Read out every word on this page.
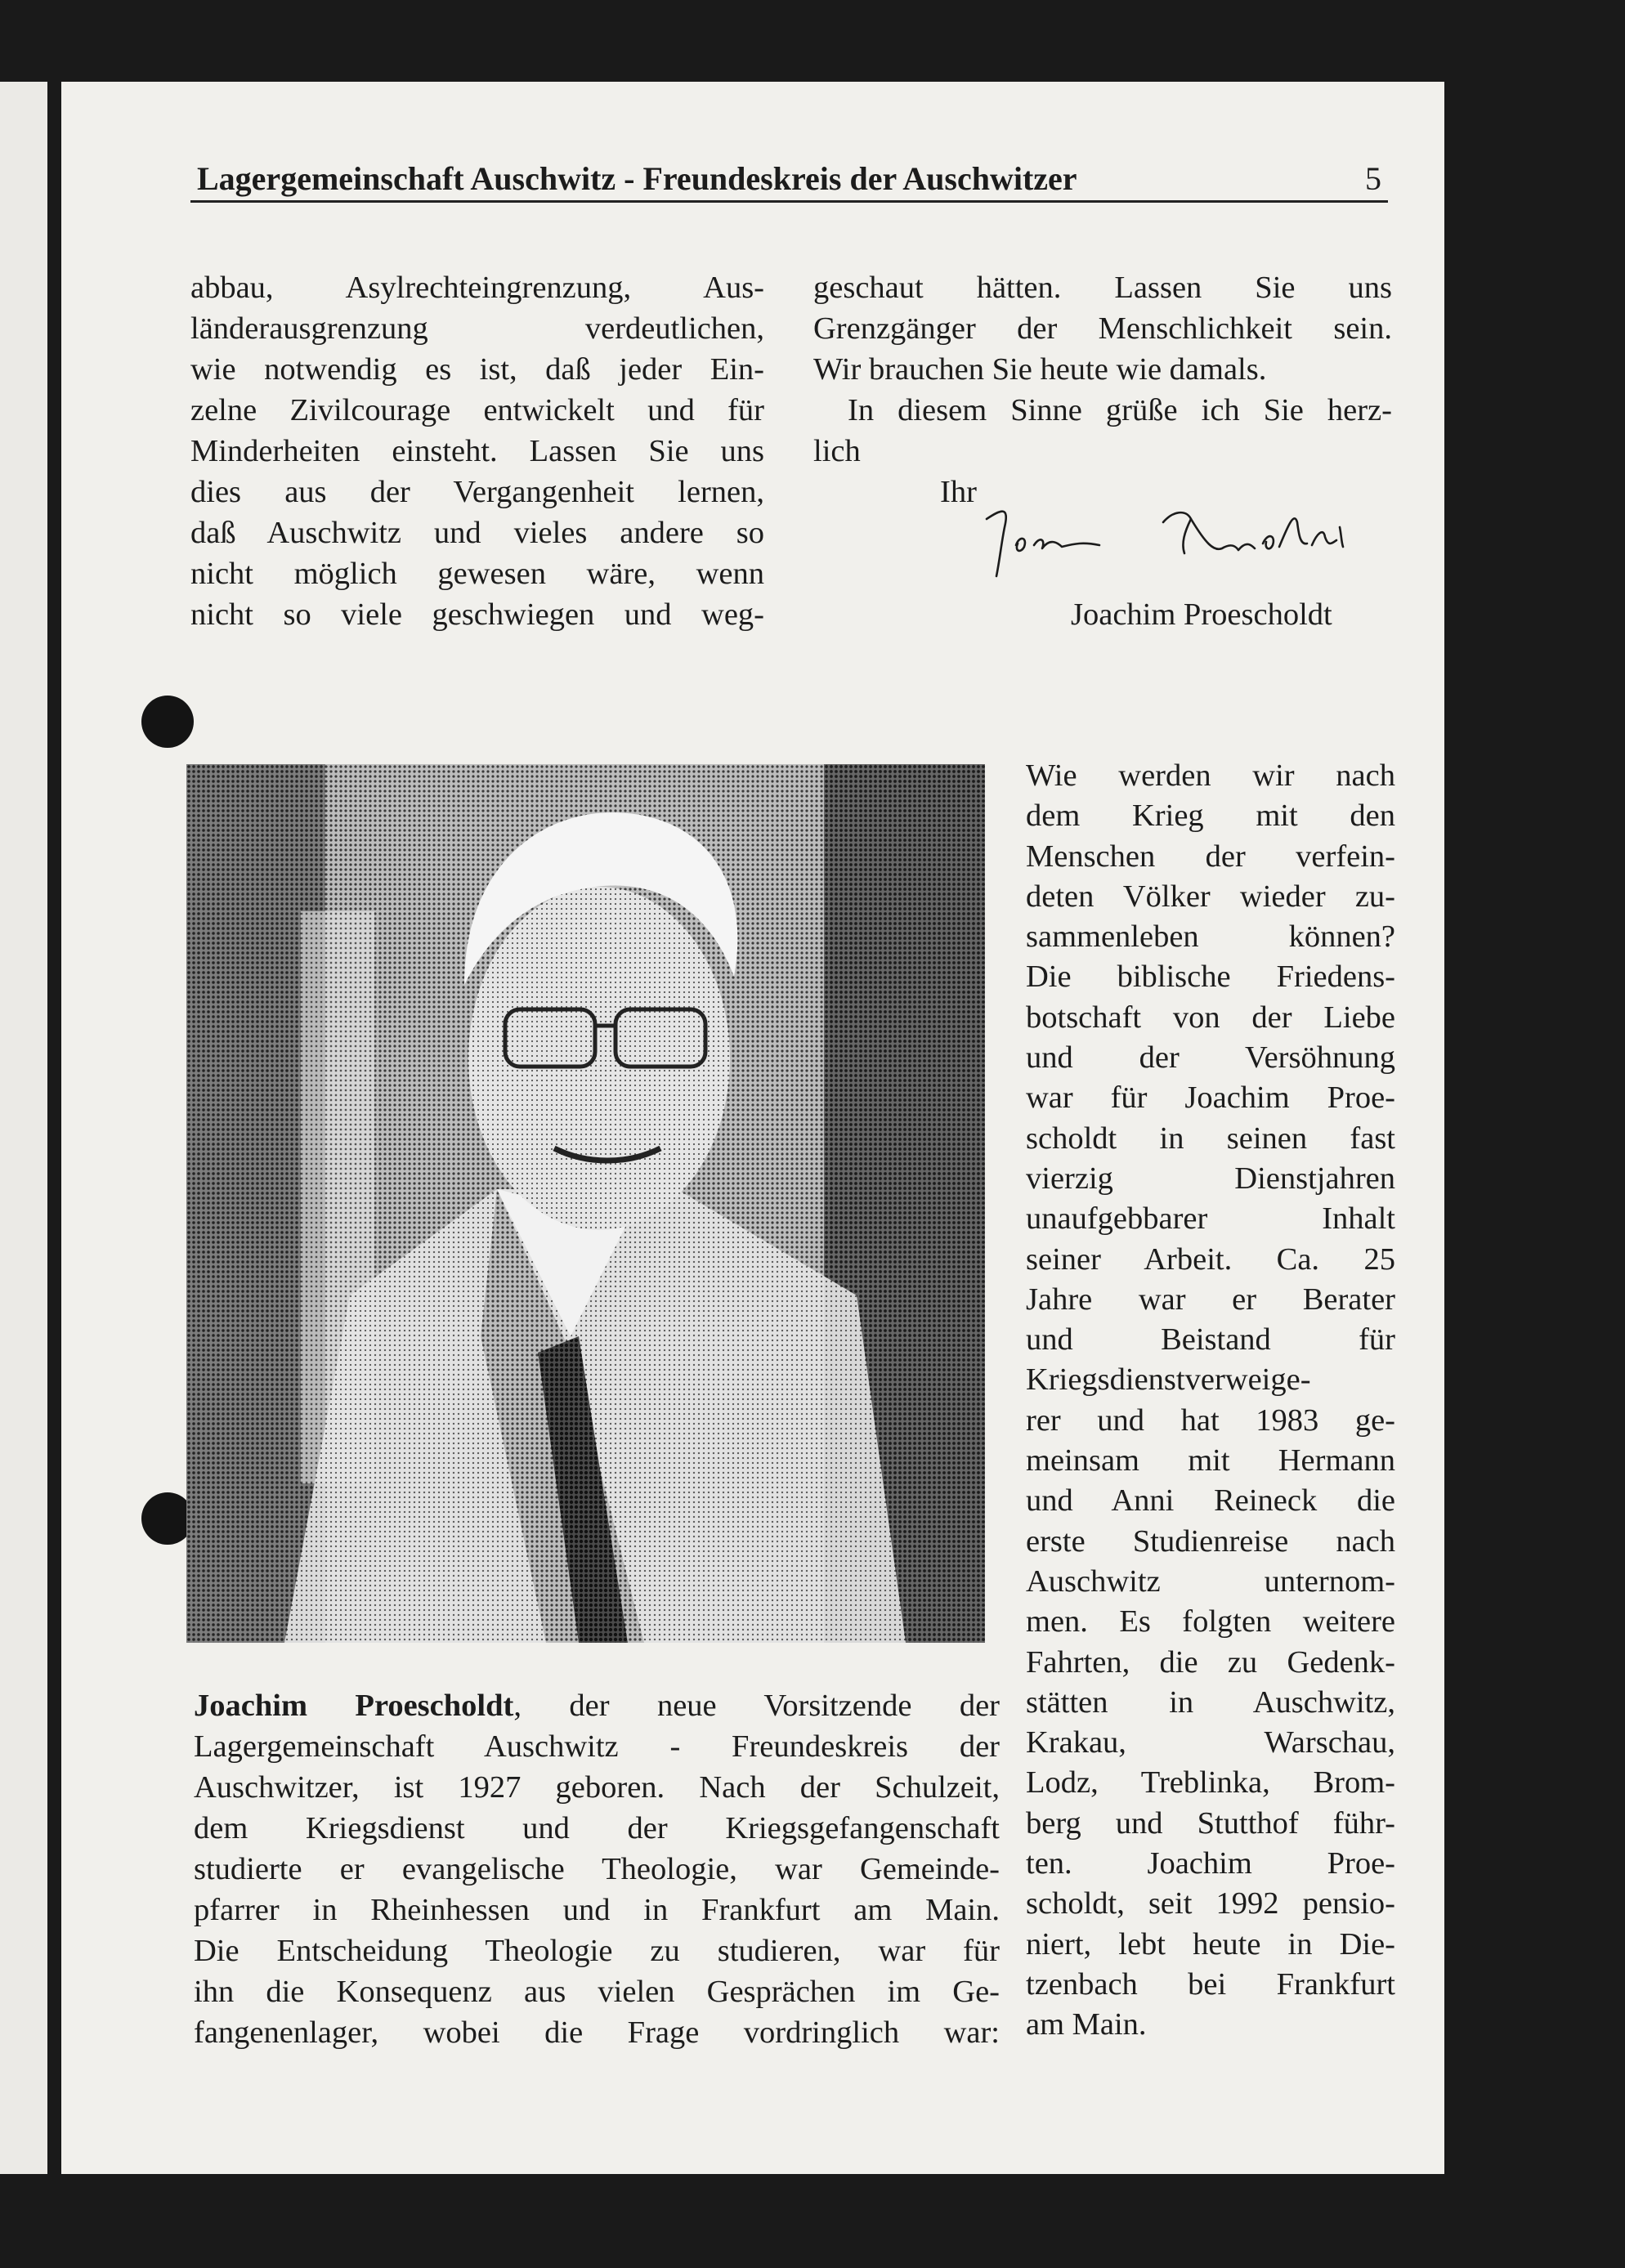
Lagergemeinschaft Auschwitz - Freundeskreis der Auschwitzer	5
abbau, Asylrechteingrenzung, Aus-
länderausgrenzung verdeutlichen,
wie notwendig es ist, daß jeder Ein-
zelne Zivilcourage entwickelt und für
Minderheiten einsteht. Lassen Sie uns
dies aus der Vergangenheit lernen,
daß Auschwitz und vieles andere so
nicht möglich gewesen wäre, wenn
nicht so viele geschwiegen und weg-
geschaut hätten. Lassen Sie uns
Grenzgänger der Menschlichkeit sein.
Wir brauchen Sie heute wie damals.
In diesem Sinne grüße ich Sie herz-
lich
Ihr
Joachim Proescholdt
Wie werden wir nach
dem Krieg mit den
Menschen der verfein-
deten Völker wieder zu-
sammenleben können?
Die biblische Friedens-
botschaft von der Liebe
und der Versöhnung
war für Joachim Proe-
scholdt in seinen fast
vierzig Dienstjahren
unaufgebbarer Inhalt
seiner Arbeit. Ca. 25
Jahre war er Berater
und Beistand für
Kriegsdienstverweige-
rer und hat 1983 ge-
meinsam mit Hermann
und Anni Reineck die
erste Studienreise nach
Auschwitz unternom-
men. Es folgten weitere
Fahrten, die zu Gedenk-
stätten in Auschwitz,
Krakau, Warschau,
Lodz, Treblinka, Brom-
berg und Stutthof führ-
ten. Joachim Proe-
scholdt, seit 1992 pensio-
niert, lebt heute in Die-
tzenbach bei Frankfurt
am Main.
Joachim Proescholdt, der neue Vorsitzende der
Lagergemeinschaft Auschwitz - Freundeskreis der
Auschwitzer, ist 1927 geboren. Nach der Schulzeit,
dem Kriegsdienst und der Kriegsgefangenschaft
studierte er evangelische Theologie, war Gemeinde-
pfarrer in Rheinhessen und in Frankfurt am Main.
Die Entscheidung Theologie zu studieren, war für
ihn die Konsequenz aus vielen Gesprächen im Ge-
fangenenlager, wobei die Frage vordringlich war:
